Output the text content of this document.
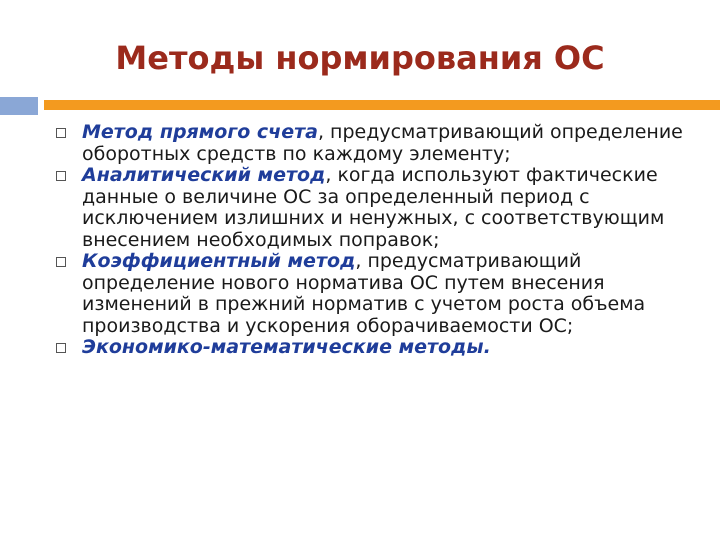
Методы нормирования ОС
Метод прямого счета, предусматривающий определение оборотных средств по каждому элементу;
Аналитический метод, когда используют фактические данные о величине ОС за определенный период с исключением излишних и ненужных, с соответствующим внесением необходимых поправок;
Коэффициентный метод, предусматривающий определение нового норматива ОС путем внесения изменений в прежний норматив с учетом роста объема производства и ускорения оборачиваемости ОС;
Экономико-математические методы.
